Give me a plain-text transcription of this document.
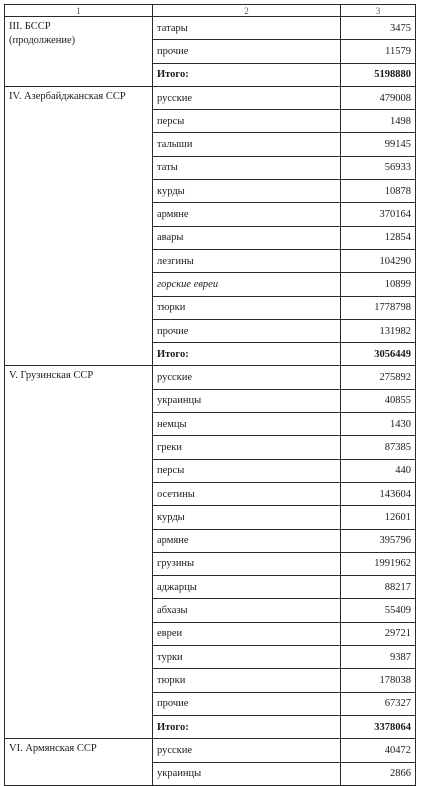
1	2	3
III. БССР
(продолжение)	татары	3475
	прочие	11579
	Итого:	5198880
IV. Азербайджанская ССР	русские	479008
	персы	1498
	талыши	99145
	таты	56933
	курды	10878
	армяне	370164
	авары	12854
	лезгины	104290
	горские евреи	10899
	тюрки	1778798
	прочие	131982
	Итого:	3056449
V. Грузинская ССР	русские	275892
	украинцы	40855
	немцы	1430
	греки	87385
	персы	440
	осетины	143604
	курды	12601
	армяне	395796
	грузины	1991962
	аджарцы	88217
	абхазы	55409
	евреи	29721
	турки	9387
	тюрки	178038
	прочие	67327
	Итого:	3378064
VI. Армянская ССР	русские	40472
	украинцы	2866
